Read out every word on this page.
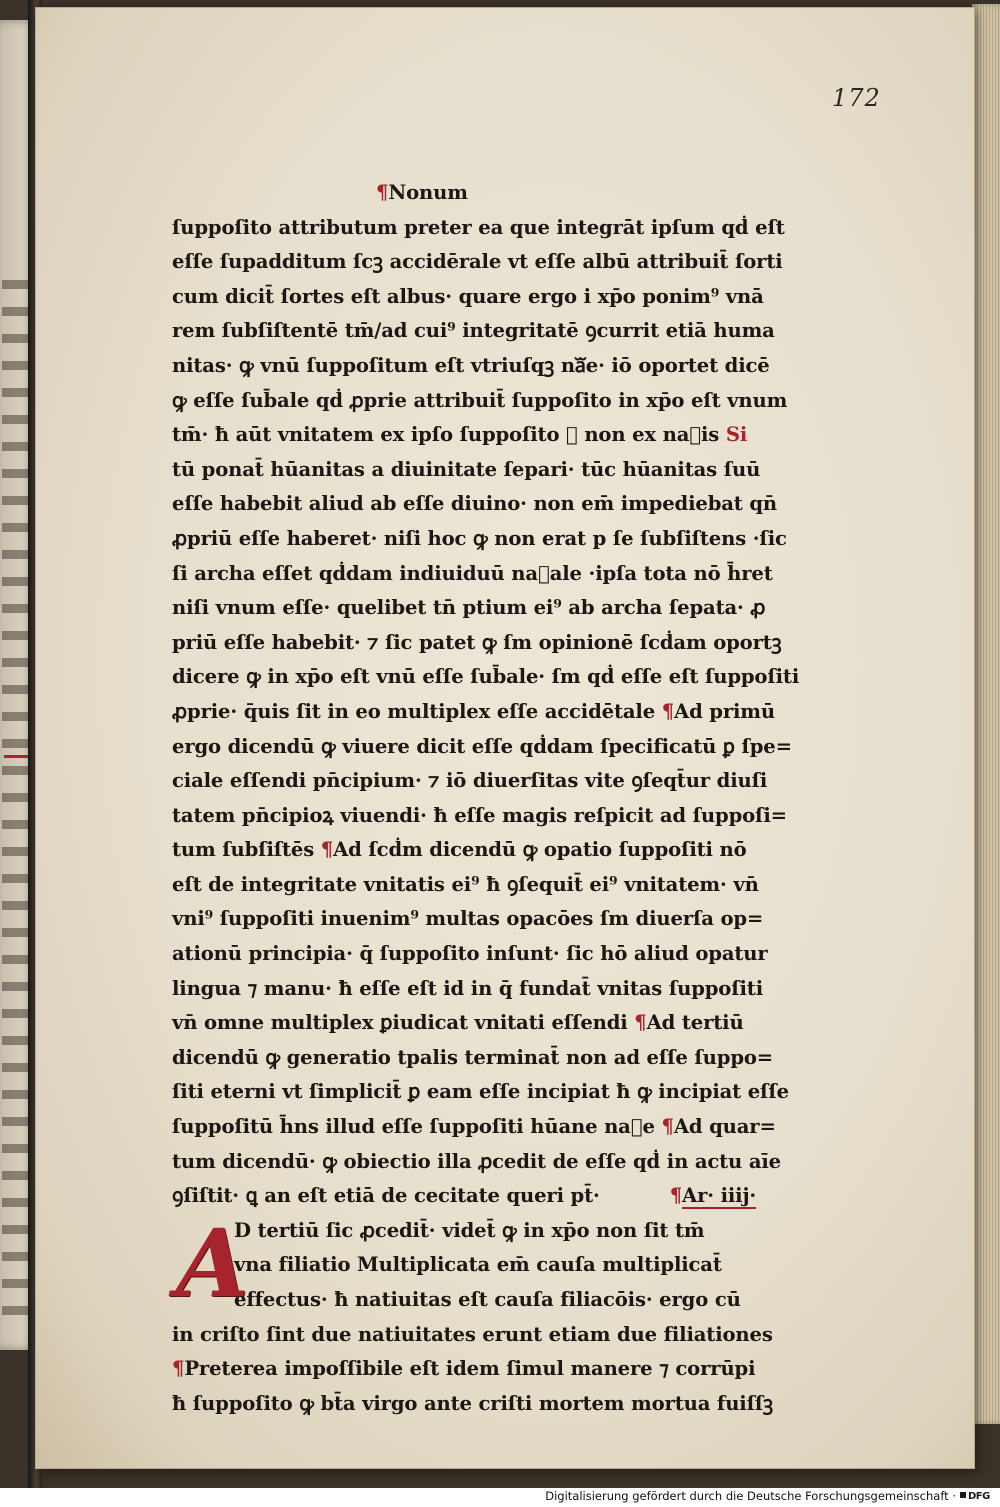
172
¶Nonum
ſuppoſito attributum preter ea que integrāt ipſum qḋ eſt
eſſe ſupadditum ſcꝫ accidērale vt eſſe albū attribuit̄ ſorti
cum dicit̄ ſortes eſt albus· quare ergo i xp̄o ponim⁹ vnā
rem ſubſiſtentē tm̄/ad cui⁹ integritatē ꝯcurrit etiā huma
nitas· ꝙ vnū ſuppoſitum eſt vtriuſqꝫ naᷓe· iō oportet dicē
ꝙ eſſe ſub̄ale qḋ ꝓprie attribuit̄ ſuppoſito in xp̄o eſt vnum
tm̄· ħ aūt vnitatem ex ipſo ſuppoſito ⁊ non ex naᷓis Si
tū ponat̄ hūanitas a diuinitate ſepari· tūc hūanitas ſuū
eſſe habebit aliud ab eſſe diuino· non em̄ impediebat qn̄
ꝓpriū eſſe haberet· niſi hoc ꝙ non erat p ſe ſubſiſtens ·ſic
ſi archa eſſet qḋdam indiuiduū naᷓale ·ipſa tota nō h̄ret
niſi vnum eſſe· quelibet tn̄ ptium ei⁹ ab archa ſepata· ꝓ
priū eſſe habebit· ⁊ ſic patet ꝙ ſm opinionē ſcḋam oportꝫ
dicere ꝙ in xp̄o eſt vnū eſſe ſub̄ale· ſm qḋ eſſe eſt ſuppoſiti
ꝓprie· q̄uis ſit in eo multiplex eſſe accidētale ¶Ad primū
ergo dicendū ꝙ viuere dicit eſſe qḋdam ſpecificatū ꝑ ſpe=
ciale eſſendi pn̄cipium· ⁊ iō diuerſitas vite ꝯſeqt̄ur diuſi
tatem pn̄cipioꝝ viuendi· ħ eſſe magis reſpicit ad ſuppoſi=
tum ſubſiſtēs ¶Ad ſcḋm dicendū ꝙ opatio ſuppoſiti nō
eſt de integritate vnitatis ei⁹ ħ ꝯſequit̄ ei⁹ vnitatem· vn̄
vni⁹ ſuppoſiti inuenim⁹ multas opacōes ſm diuerſa op=
ationū principia· q̄ ſuppoſito inſunt· ſic hō aliud opatur
lingua ⁊ manu· ħ eſſe eſt id in q̄ fundat̄ vnitas ſuppoſiti
vn̄ omne multiplex ꝑiudicat vnitati eſſendi ¶Ad tertiū
dicendū ꝙ generatio tpalis terminat̄ non ad eſſe ſuppo=
ſiti eterni vt ſimplicit̄ ꝑ eam eſſe incipiat ħ ꝙ incipiat eſſe
ſuppoſitū h̄ns illud eſſe ſuppoſiti hūane naᷓe ¶Ad quar=
tum dicendū· ꝙ obiectio illa ꝓcedit de eſſe qḋ in actu aīe
ꝯſiſtit· ꝗ an eſt etiā de cecitate queri pt̄·	¶Ar· iiij·
A
D tertiū ſic ꝓcedit̄· videt̄ ꝙ in xp̄o non ſit tm̄
vna filiatio Multiplicata em̄ cauſa multiplicat̄
effectus· ħ natiuitas eſt cauſa filiacōis· ergo cū
in criſto ſint due natiuitates erunt etiam due filiationes
¶Preterea impoſſibile eſt idem ſimul manere ⁊ corrūpi
ħ ſuppoſito ꝙ bt̄a virgo ante criſti mortem mortua fuiſſꝫ
Digitalisierung gefördert durch die Deutsche Forschungsgemeinschaft ·	DFG
